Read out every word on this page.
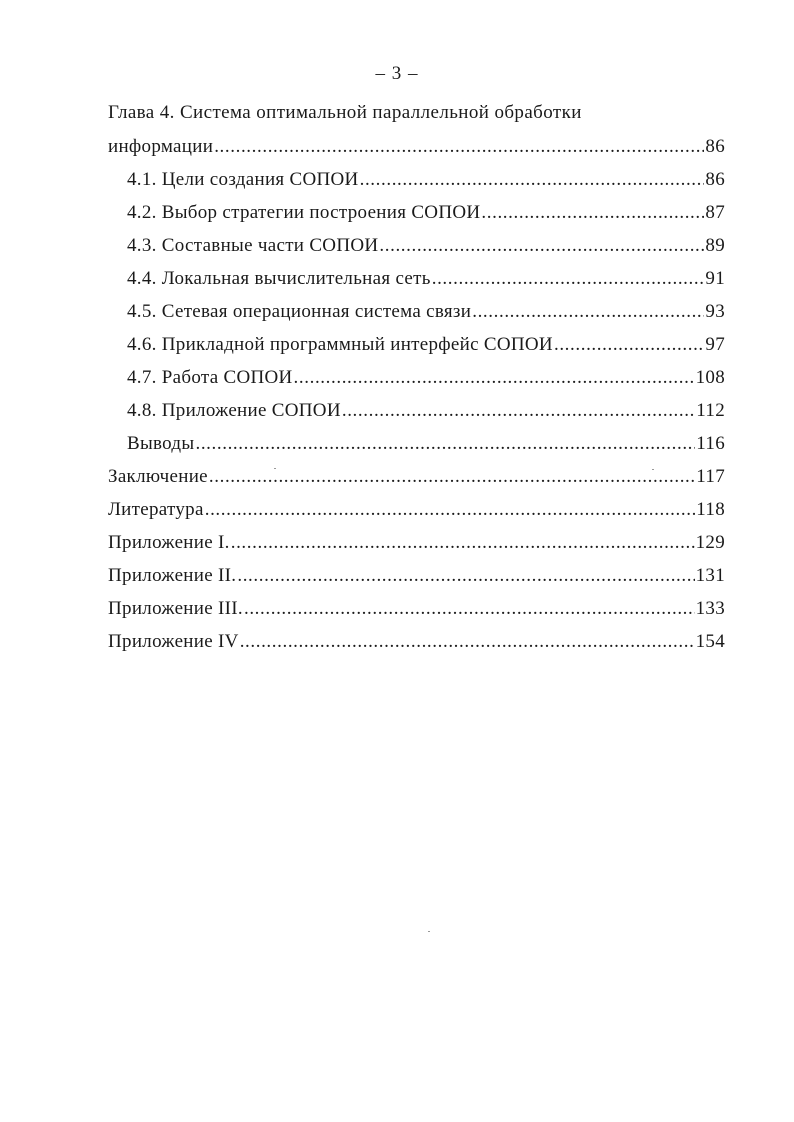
– 3 –
Глава 4. Система оптимальной параллельной обработки
информации .....	86
4.1. Цели создания СОПОИ .....	86
4.2. Выбор стратегии построения СОПОИ .....	87
4.3. Составные части СОПОИ .....	89
4.4. Локальная вычислительная сеть .....	91
4.5. Сетевая операционная система связи .....	93
4.6. Прикладной программный интерфейс СОПОИ .....	97
4.7. Работа СОПОИ .....	108
4.8. Приложение СОПОИ .....	112
Выводы .....	116
Заключение .....	117
Литература .....	118
Приложение I. .....	129
Приложение II. .....	131
Приложение III. .....	133
Приложение IV .....	154
